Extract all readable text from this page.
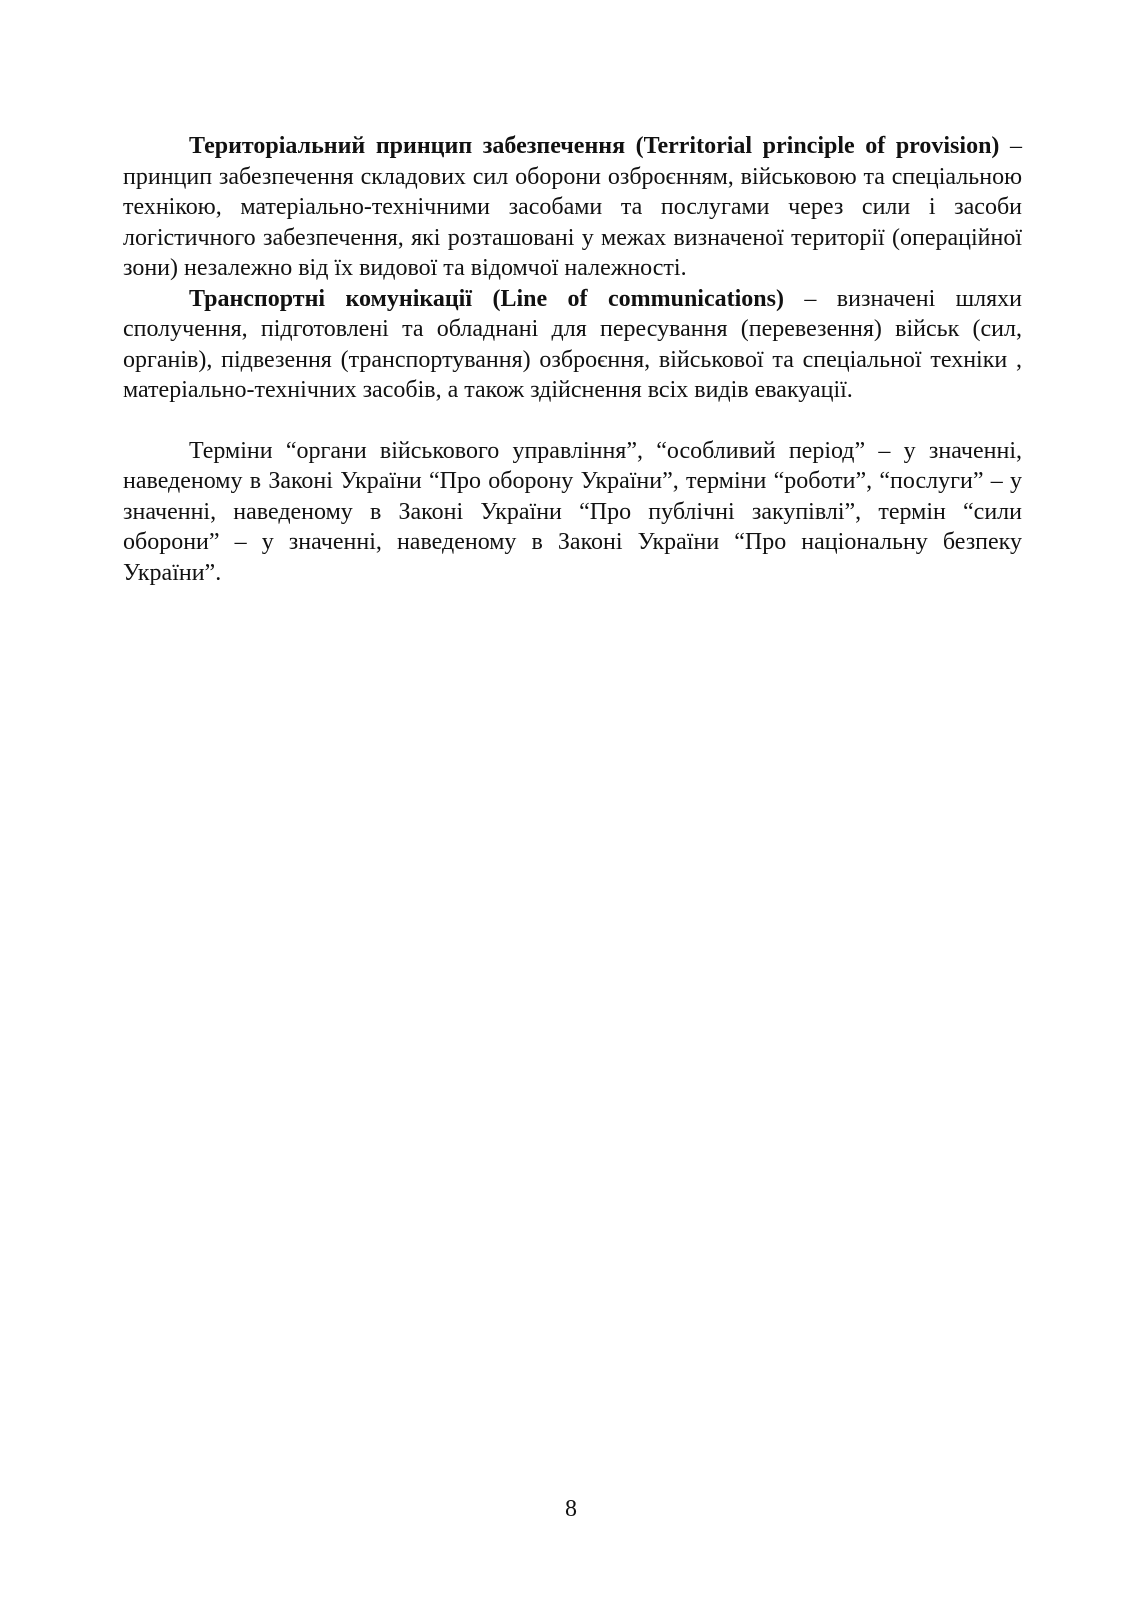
Територіальний принцип забезпечення (Territorial principle of provision) – принцип забезпечення складових сил оборони озброєнням, військовою та спеціальною технікою, матеріально-технічними засобами та послугами через сили і засоби логістичного забезпечення, які розташовані у межах визначеної території (операційної зони) незалежно від їх видової та відомчої належності.

Транспортні комунікації (Line of communications) – визначені шляхи сполучення, підготовлені та обладнані для пересування (перевезення) військ (сил, органів), підвезення (транспортування) озброєння, військової та спеціальної техніки , матеріально-технічних засобів, а також здійснення всіх видів евакуації.

Терміни “органи військового управління”, “особливий період” – у значенні, наведеному в Законі України “Про оборону України”, терміни “роботи”, “послуги” – у значенні, наведеному в Законі України “Про публічні закупівлі”, термін “сили оборони” – у значенні, наведеному в Законі України “Про національну безпеку України”.

8
